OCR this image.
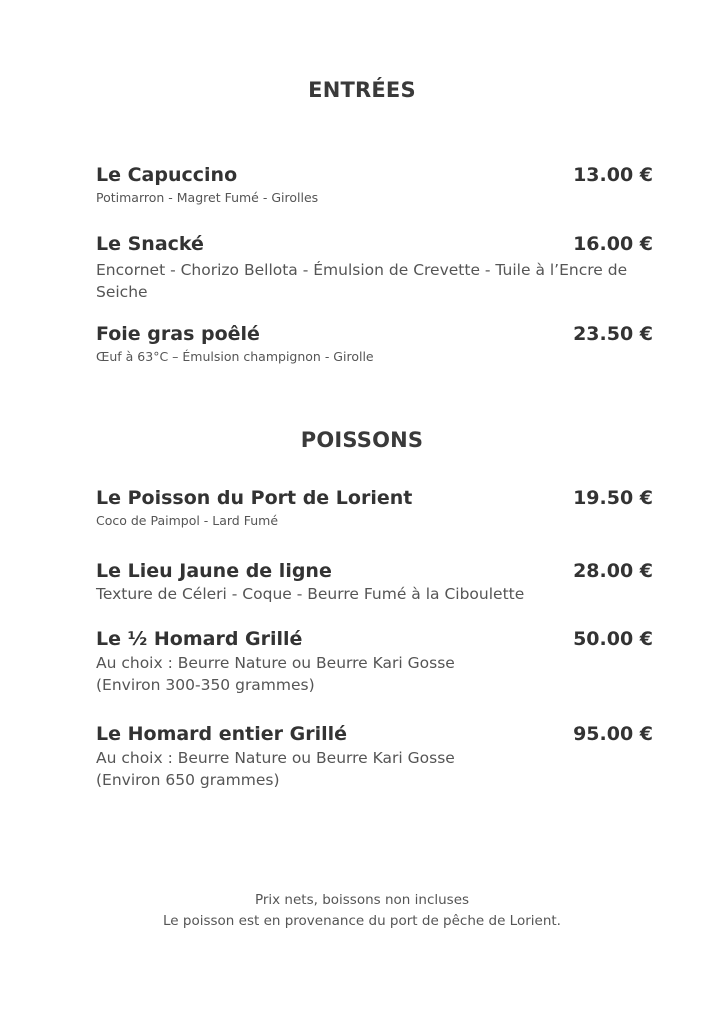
ENTRÉES
Le Capuccino	13.00 €
Potimarron - Magret Fumé - Girolles
Le Snacké	16.00 €
Encornet - Chorizo Bellota - Émulsion de Crevette - Tuile à l’Encre de
Seiche
Foie gras poêlé	23.50 €
Œuf à 63°C – Émulsion champignon - Girolle
POISSONS
Le Poisson du Port de Lorient	19.50 €
Coco de Paimpol - Lard Fumé
Le Lieu Jaune de ligne	28.00 €
Texture de Céleri - Coque - Beurre Fumé à la Ciboulette
Le ½ Homard Grillé	50.00 €
Au choix : Beurre Nature ou Beurre Kari Gosse
(Environ 300-350 grammes)
Le Homard entier Grillé	95.00 €
Au choix : Beurre Nature ou Beurre Kari Gosse
(Environ 650 grammes)
Prix nets, boissons non incluses
Le poisson est en provenance du port de pêche de Lorient.
